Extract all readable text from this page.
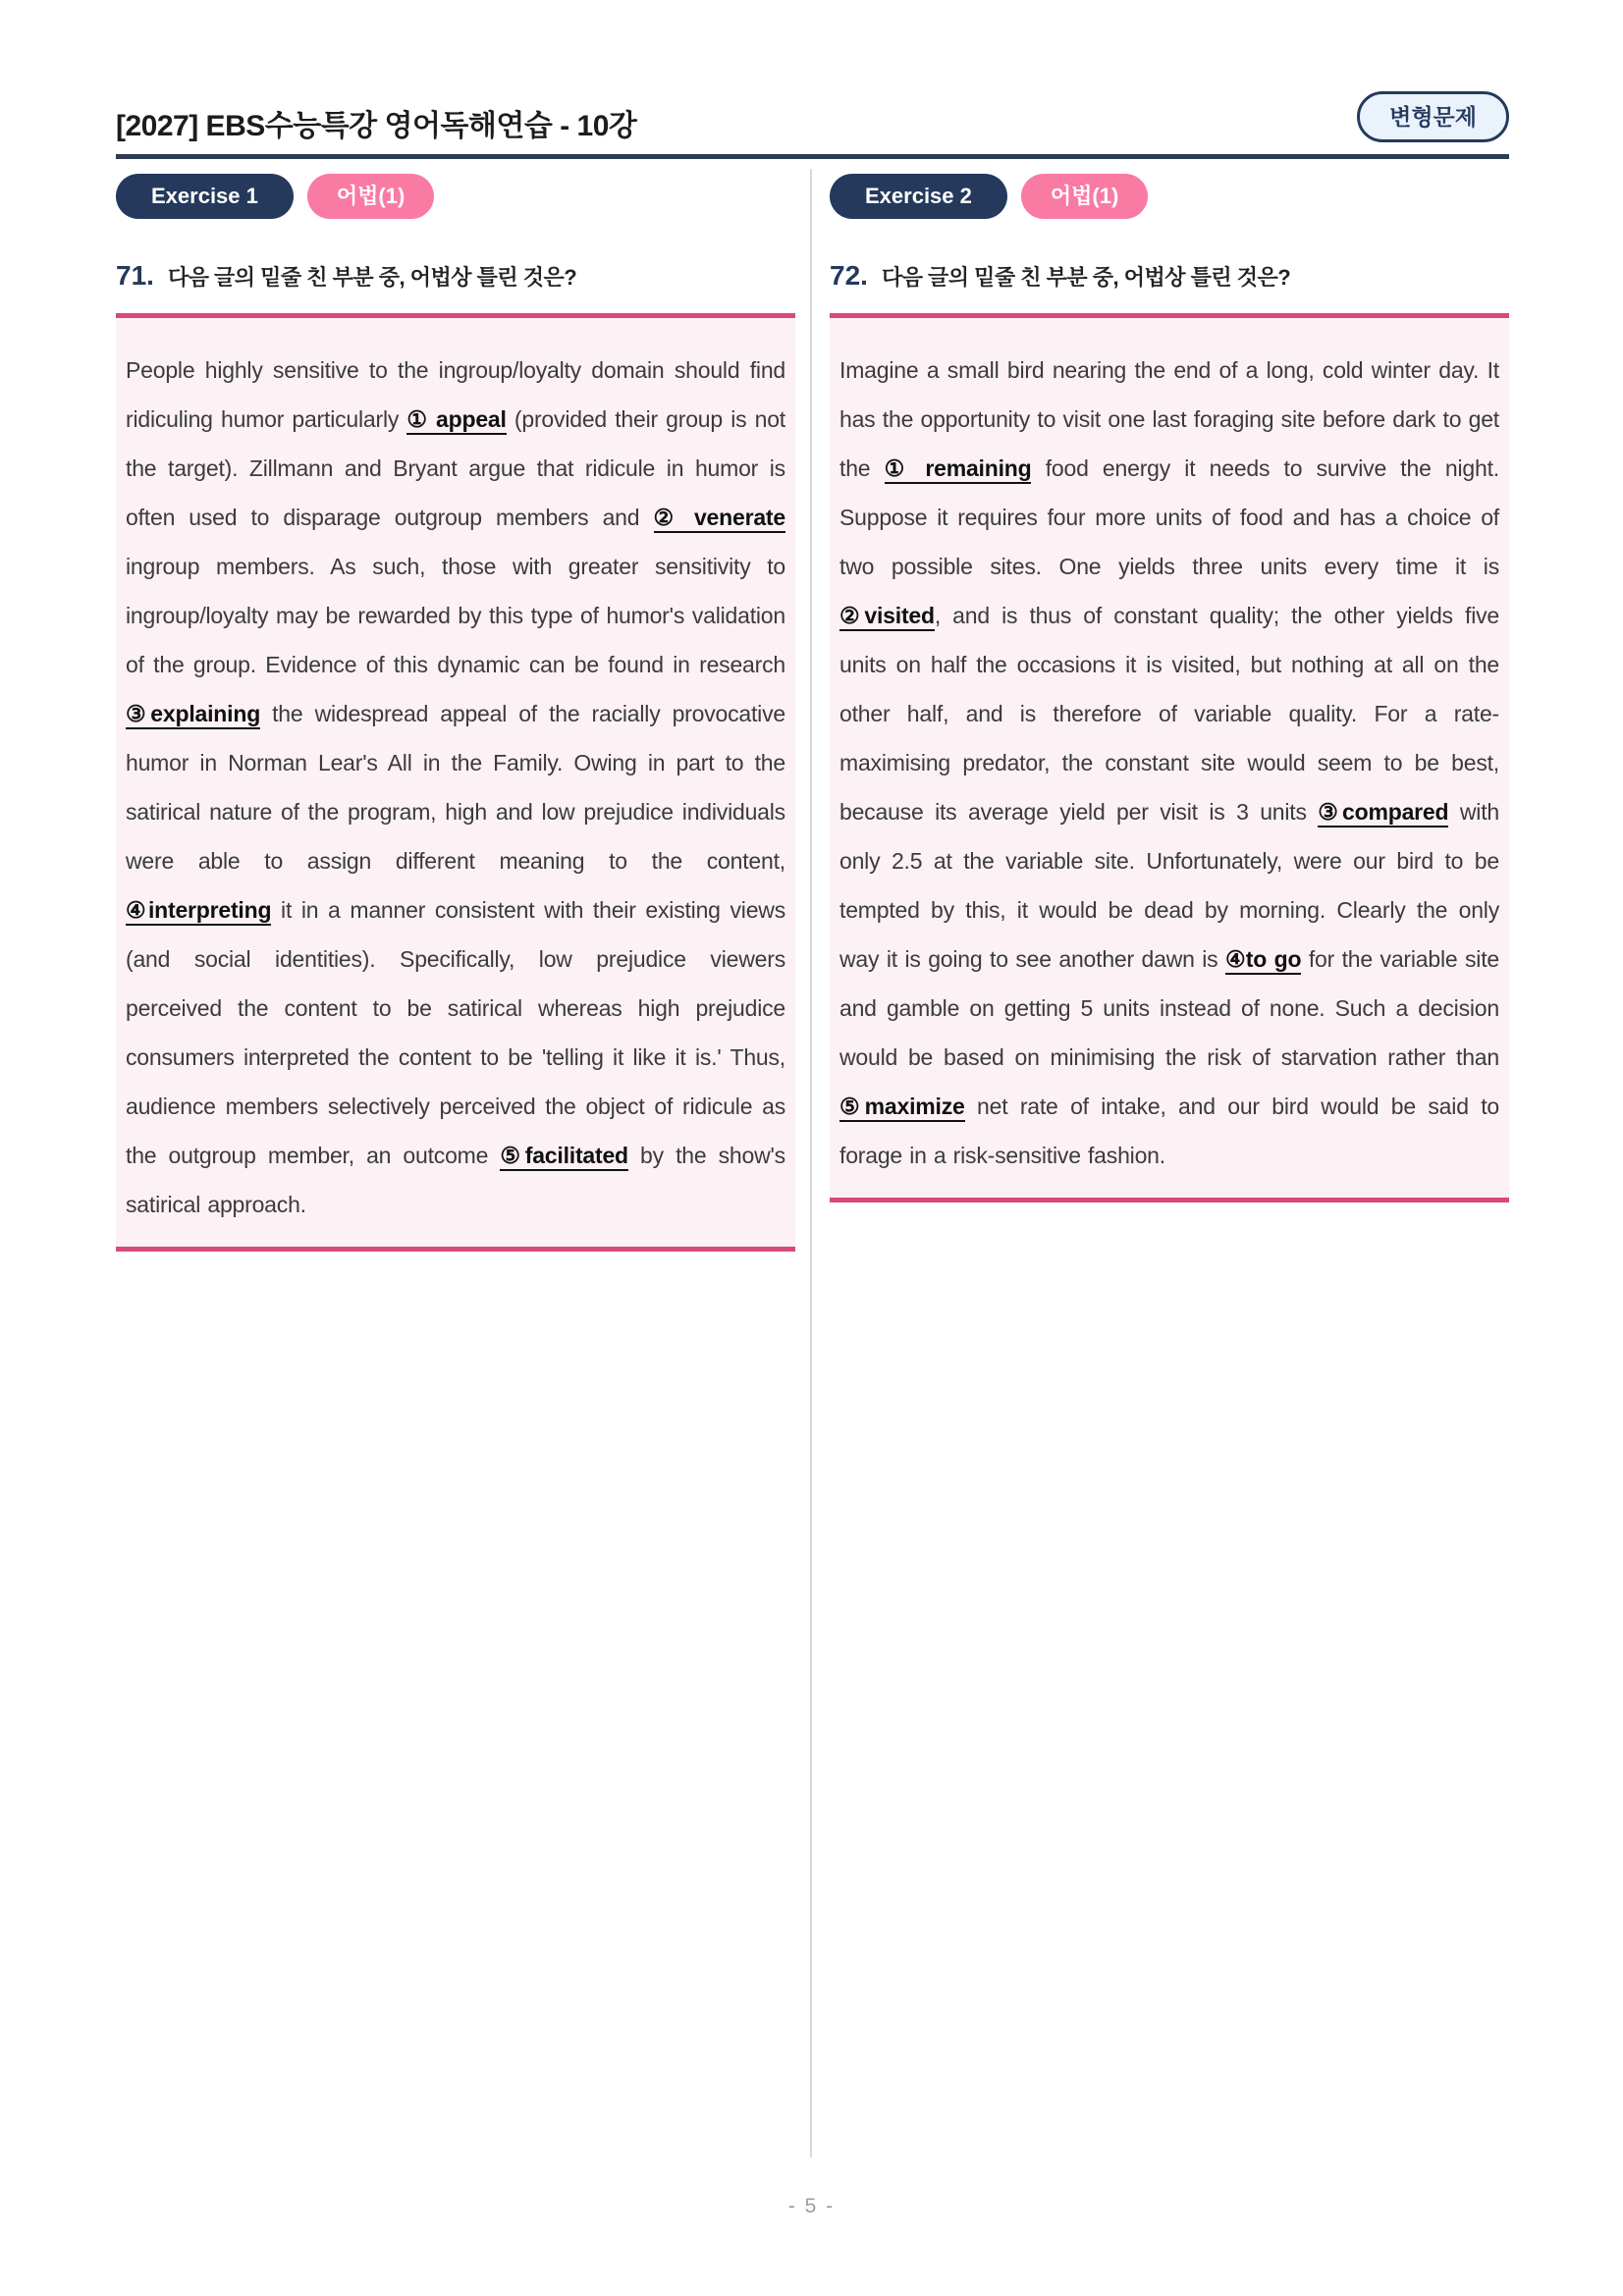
[2027] EBS수능특강 영어독해연습 - 10강	변형문제
Exercise 1	어법(1)
71. 다음 글의 밑줄 친 부분 중, 어법상 틀린 것은?

People highly sensitive to the ingroup/loyalty domain should find ridiculing humor particularly ① appeal (provided their group is not the target). Zillmann and Bryant argue that ridicule in humor is often used to disparage outgroup members and ② venerate ingroup members. As such, those with greater sensitivity to ingroup/loyalty may be rewarded by this type of humor's validation of the group. Evidence of this dynamic can be found in research ③explaining the widespread appeal of the racially provocative humor in Norman Lear's All in the Family. Owing in part to the satirical nature of the program, high and low prejudice individuals were able to assign different meaning to the content, ④interpreting it in a manner consistent with their existing views (and social identities). Specifically, low prejudice viewers perceived the content to be satirical whereas high prejudice consumers interpreted the content to be 'telling it like it is.' Thus, audience members selectively perceived the object of ridicule as the outgroup member, an outcome ⑤facilitated by the show's satirical approach.

Exercise 2	어법(1)
72. 다음 글의 밑줄 친 부분 중, 어법상 틀린 것은?

Imagine a small bird nearing the end of a long, cold winter day. It has the opportunity to visit one last foraging site before dark to get the ① remaining food energy it needs to survive the night. Suppose it requires four more units of food and has a choice of two possible sites. One yields three units every time it is ②visited, and is thus of constant quality; the other yields five units on half the occasions it is visited, but nothing at all on the other half, and is therefore of variable quality. For a rate-maximising predator, the constant site would seem to be best, because its average yield per visit is 3 units ③compared with only 2.5 at the variable site. Unfortunately, were our bird to be tempted by this, it would be dead by morning. Clearly the only way it is going to see another dawn is ④to go for the variable site and gamble on getting 5 units instead of none. Such a decision would be based on minimising the risk of starvation rather than ⑤maximize net rate of intake, and our bird would be said to forage in a risk-sensitive fashion.

- 5 -
